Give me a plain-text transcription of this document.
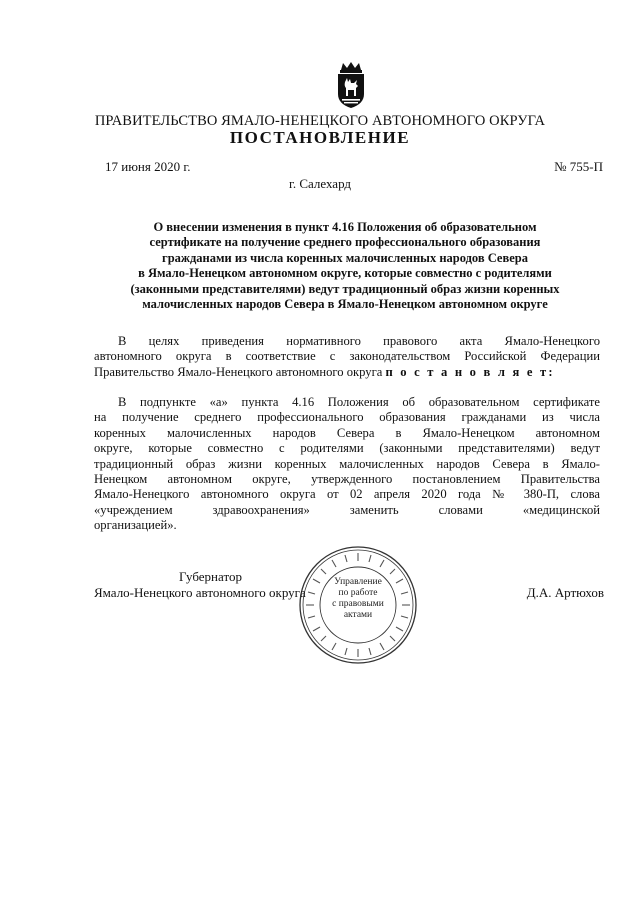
ПРАВИТЕЛЬСТВО ЯМАЛО-НЕНЕЦКОГО АВТОНОМНОГО ОКРУГА
ПОСТАНОВЛЕНИЕ
17 июня 2020 г.	№ 755-П
г. Салехард
О внесении изменения в пункт 4.16 Положения об образовательном
сертификате на получение среднего профессионального образования
гражданами из числа коренных малочисленных народов Севера
в Ямало-Ненецком автономном округе, которые совместно с родителями
(законными представителями) ведут традиционный образ жизни коренных
малочисленных народов Севера в Ямало-Ненецком автономном округе
В целях приведения нормативного правового акта Ямало-Ненецкого
автономного округа в соответствие с законодательством Российской Федерации
Правительство Ямало-Ненецкого автономного округа п о с т а н о в л я е т:
В подпункте «а» пункта 4.16 Положения об образовательном сертификате
на получение среднего профессионального образования гражданами из числа
коренных малочисленных народов Севера в Ямало-Ненецком автономном
округе, которые совместно с родителями (законными представителями) ведут
традиционный образ жизни коренных малочисленных народов Севера в Ямало-
Ненецком автономном округе, утвержденного постановлением Правительства
Ямало-Ненецкого автономного округа от 02 апреля 2020 года № 380-П, слова
«учреждением здравоохранения» заменить словами «медицинской
организацией».
Управление
по работе
с правовыми
актами
Губернатор
Ямало-Ненецкого автономного округа	Д.А. Артюхов
